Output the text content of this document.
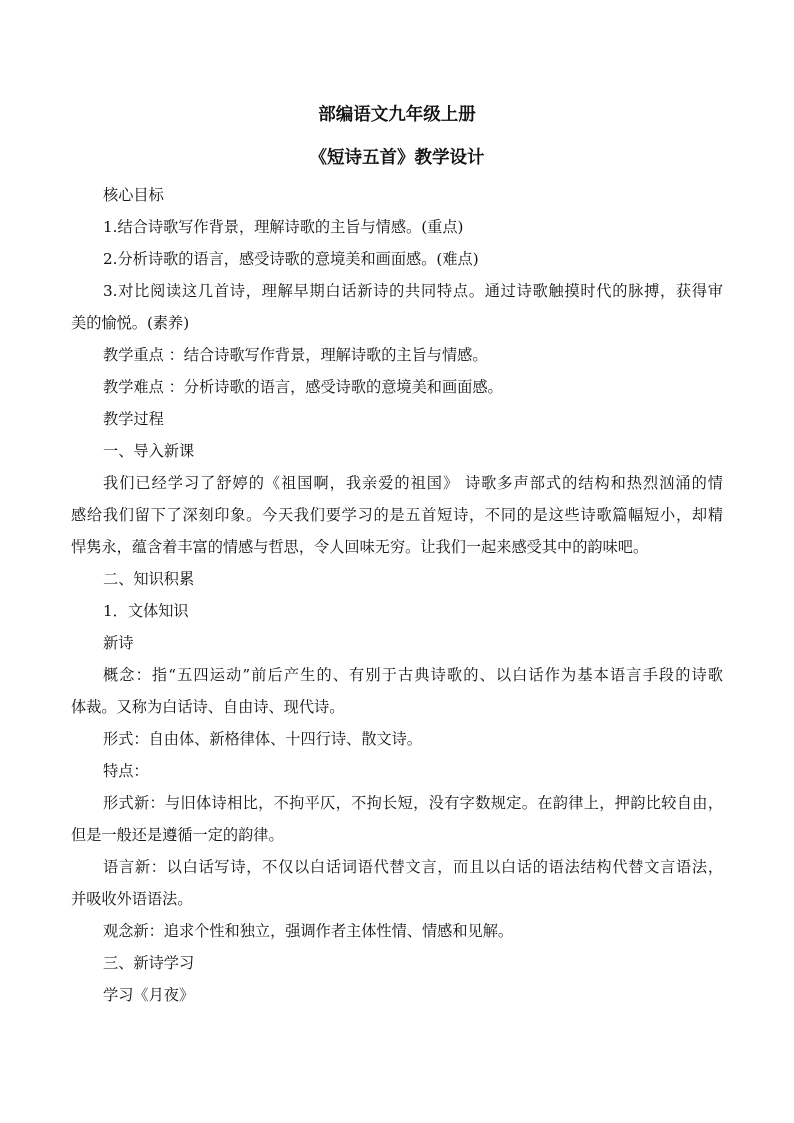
部编语文九年级上册
《短诗五首》教学设计
核心目标
1.结合诗歌写作背景，理解诗歌的主旨与情感。(重点)
2.分析诗歌的语言，感受诗歌的意境美和画面感。(难点)
3.对比阅读这几首诗，理解早期白话新诗的共同特点。通过诗歌触摸时代的脉搏，获得审
美的愉悦。(素养)
教学重点 ：结合诗歌写作背景，理解诗歌的主旨与情感。
教学难点 ：分析诗歌的语言，感受诗歌的意境美和画面感。
教学过程
一、导入新课
我们已经学习了舒婷的《祖国啊，我亲爱的祖国》 诗歌多声部式的结构和热烈汹涌的情
感给我们留下了深刻印象。今天我们要学习的是五首短诗，不同的是这些诗歌篇幅短小，却精
悍隽永，蕴含着丰富的情感与哲思，令人回味无穷。让我们一起来感受其中的韵味吧。
二、知识积累
1．文体知识
新诗
概念：指“五四运动”前后产生的、有别于古典诗歌的、以白话作为基本语言手段的诗歌
体裁。又称为白话诗、自由诗、现代诗。
形式：自由体、新格律体、十四行诗、散文诗。
特点：
形式新：与旧体诗相比，不拘平仄，不拘长短，没有字数规定。在韵律上，押韵比较自由，
但是一般还是遵循一定的韵律。
语言新：以白话写诗，不仅以白话词语代替文言，而且以白话的语法结构代替文言语法，
并吸收外语语法。
观念新：追求个性和独立，强调作者主体性情、情感和见解。
三、新诗学习
学习《月夜》
